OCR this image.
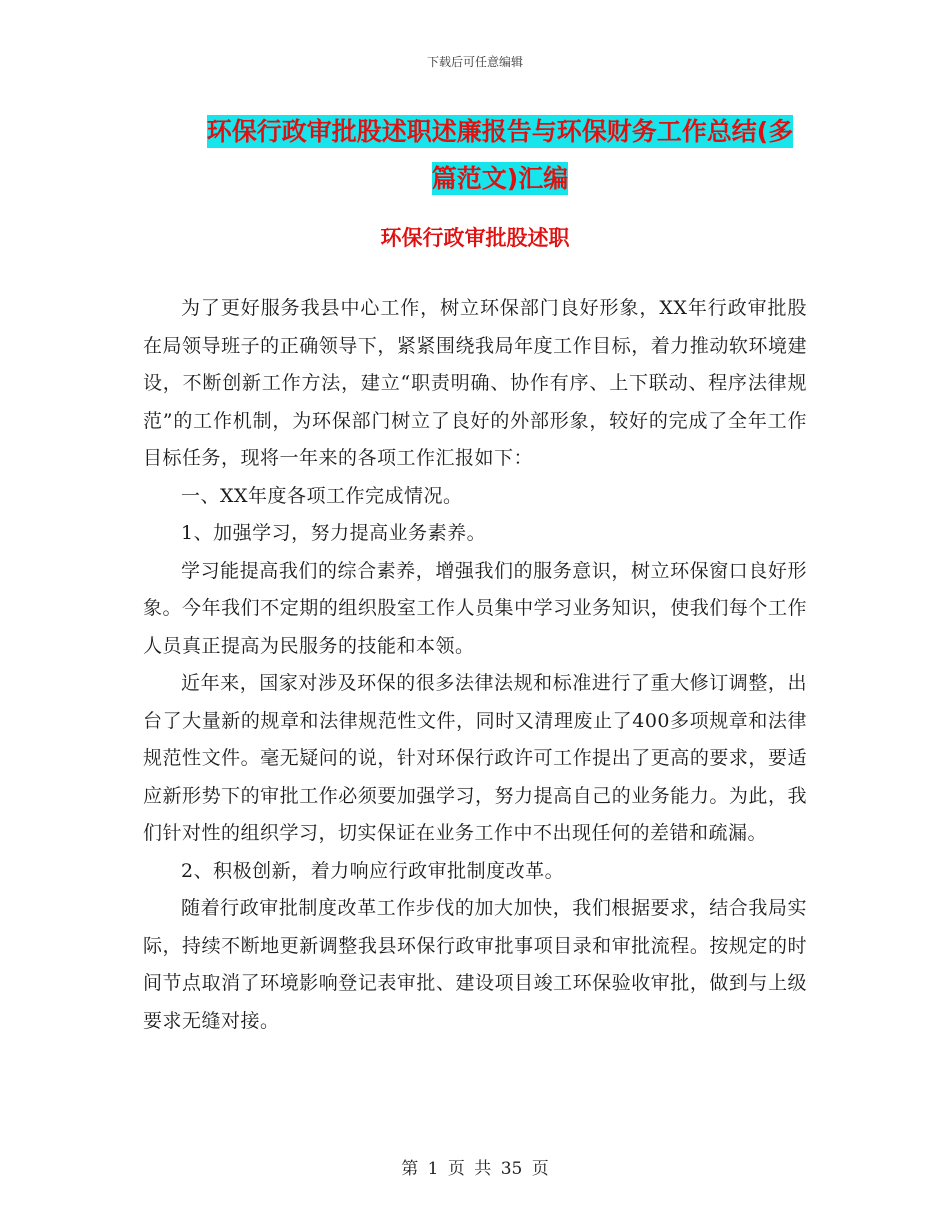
下载后可任意编辑
环保行政审批股述职述廉报告与环保财务工作总结(多
篇范文)汇编
环保行政审批股述职

为了更好服务我县中心工作，树立环保部门良好形象，XX年行政审批股在局领导班子的正确领导下，紧紧围绕我局年度工作目标，着力推动软环境建设，不断创新工作方法，建立“职责明确、协作有序、上下联动、程序法律规范”的工作机制，为环保部门树立了良好的外部形象，较好的完成了全年工作目标任务，现将一年来的各项工作汇报如下：

一、XX年度各项工作完成情况。

1、加强学习，努力提高业务素养。

学习能提高我们的综合素养，增强我们的服务意识，树立环保窗口良好形象。今年我们不定期的组织股室工作人员集中学习业务知识，使我们每个工作人员真正提高为民服务的技能和本领。

近年来，国家对涉及环保的很多法律法规和标准进行了重大修订调整，出台了大量新的规章和法律规范性文件，同时又清理废止了400多项规章和法律规范性文件。毫无疑问的说，针对环保行政许可工作提出了更高的要求，要适应新形势下的审批工作必须要加强学习，努力提高自己的业务能力。为此，我们针对性的组织学习，切实保证在业务工作中不出现任何的差错和疏漏。

2、积极创新，着力响应行政审批制度改革。

随着行政审批制度改革工作步伐的加大加快，我们根据要求，结合我局实际，持续不断地更新调整我县环保行政审批事项目录和审批流程。按规定的时间节点取消了环境影响登记表审批、建设项目竣工环保验收审批，做到与上级要求无缝对接。

第 1 页 共 35 页
